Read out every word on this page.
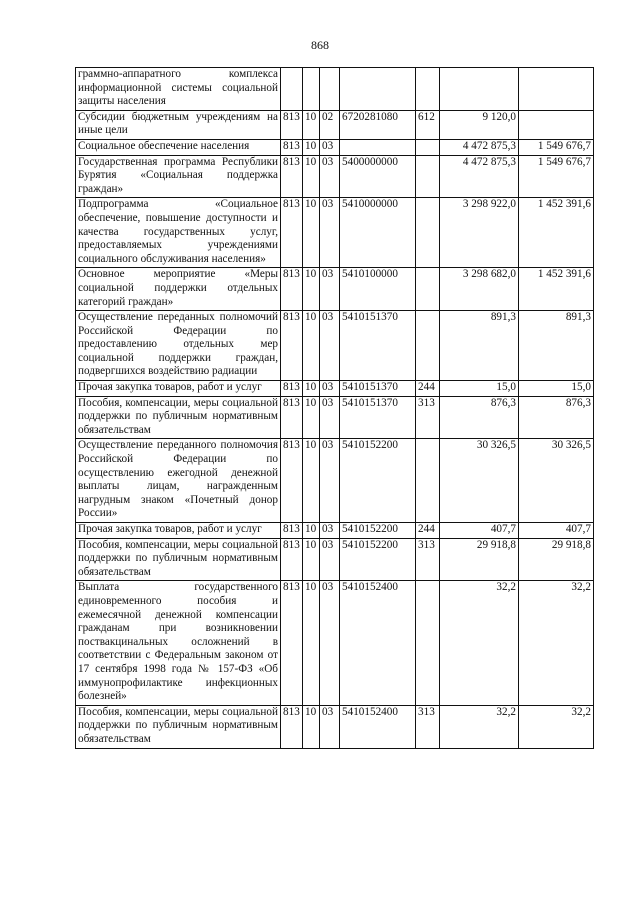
868
граммно-аппаратного комплекса информационной системы социальной защиты населения							
Субсидии бюджетным учреждениям на иные цели	813	10	02	6720281080	612	9 120,0	
Социальное обеспечение населения	813	10	03			4 472 875,3	1 549 676,7
Государственная программа Республики Бурятия «Социальная поддержка граждан»	813	10	03	5400000000		4 472 875,3	1 549 676,7
Подпрограмма «Социальное обеспечение, повышение доступности и качества государственных услуг, предоставляемых учреждениями социального обслуживания населения»	813	10	03	5410000000		3 298 922,0	1 452 391,6
Основное мероприятие «Меры социальной поддержки отдельных категорий граждан»	813	10	03	5410100000		3 298 682,0	1 452 391,6
Осуществление переданных полномочий Российской Федерации по предоставлению отдельных мер социальной поддержки граждан, подвергшихся воздействию радиации	813	10	03	5410151370		891,3	891,3
Прочая закупка товаров, работ и услуг	813	10	03	5410151370	244	15,0	15,0
Пособия, компенсации, меры социальной поддержки по публичным нормативным обязательствам	813	10	03	5410151370	313	876,3	876,3
Осуществление переданного полномочия Российской Федерации по осуществлению ежегодной денежной выплаты лицам, награжденным нагрудным знаком «Почетный донор России»	813	10	03	5410152200		30 326,5	30 326,5
Прочая закупка товаров, работ и услуг	813	10	03	5410152200	244	407,7	407,7
Пособия, компенсации, меры социальной поддержки по публичным нормативным обязательствам	813	10	03	5410152200	313	29 918,8	29 918,8
Выплата государственного единовременного пособия и ежемесячной денежной компенсации гражданам при возникновении поствакцинальных осложнений в соответствии с Федеральным законом от 17 сентября 1998 года № 157-ФЗ «Об иммунопрофилактике инфекционных болезней»	813	10	03	5410152400		32,2	32,2
Пособия, компенсации, меры социальной поддержки по публичным нормативным обязательствам	813	10	03	5410152400	313	32,2	32,2
